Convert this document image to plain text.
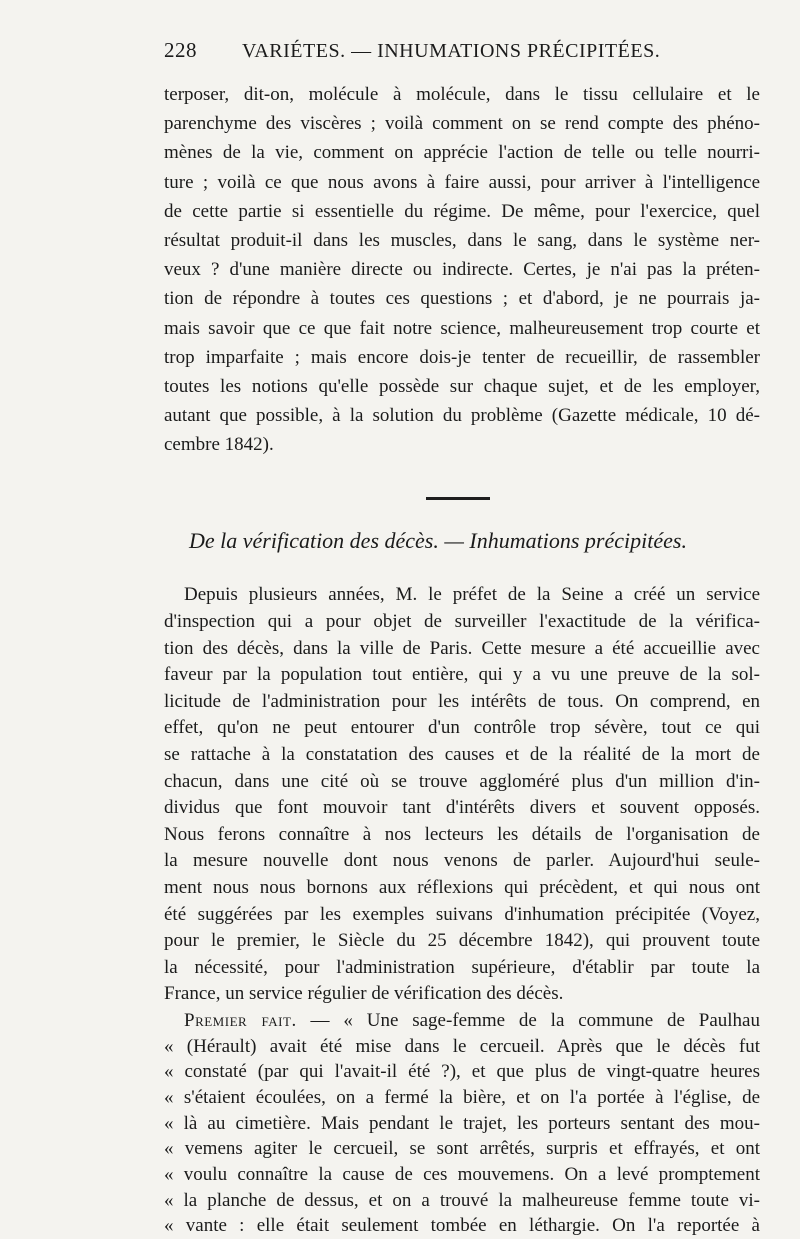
228	VARIÉTES. — INHUMATIONS PRÉCIPITÉES.
terposer, dit-on, molécule à molécule, dans le tissu cellulaire et le
parenchyme des viscères ; voilà comment on se rend compte des phéno-
mènes de la vie, comment on apprécie l'action de telle ou telle nourri-
ture ; voilà ce que nous avons à faire aussi, pour arriver à l'intelligence
de cette partie si essentielle du régime. De même, pour l'exercice, quel
résultat produit-il dans les muscles, dans le sang, dans le système ner-
veux ? d'une manière directe ou indirecte. Certes, je n'ai pas la préten-
tion de répondre à toutes ces questions ; et d'abord, je ne pourrais ja-
mais savoir que ce que fait notre science, malheureusement trop courte et
trop imparfaite ; mais encore dois-je tenter de recueillir, de rassembler
toutes les notions qu'elle possède sur chaque sujet, et de les employer,
autant que possible, à la solution du problème (Gazette médicale, 10 dé-
cembre 1842).
De la vérification des décès. — Inhumations précipitées.
Depuis plusieurs années, M. le préfet de la Seine a créé un service
d'inspection qui a pour objet de surveiller l'exactitude de la vérifica-
tion des décès, dans la ville de Paris. Cette mesure a été accueillie avec
faveur par la population tout entière, qui y a vu une preuve de la sol-
licitude de l'administration pour les intérêts de tous. On comprend, en
effet, qu'on ne peut entourer d'un contrôle trop sévère, tout ce qui
se rattache à la constatation des causes et de la réalité de la mort de
chacun, dans une cité où se trouve aggloméré plus d'un million d'in-
dividus que font mouvoir tant d'intérêts divers et souvent opposés.
Nous ferons connaître à nos lecteurs les détails de l'organisation de
la mesure nouvelle dont nous venons de parler. Aujourd'hui seule-
ment nous nous bornons aux réflexions qui précèdent, et qui nous ont
été suggérées par les exemples suivans d'inhumation précipitée (Voyez,
pour le premier, le Siècle du 25 décembre 1842), qui prouvent toute
la nécessité, pour l'administration supérieure, d'établir par toute la
France, un service régulier de vérification des décès.
Premier fait. — « Une sage-femme de la commune de Paulhau
« (Hérault) avait été mise dans le cercueil. Après que le décès fut
« constaté (par qui l'avait-il été ?), et que plus de vingt-quatre heures
« s'étaient écoulées, on a fermé la bière, et on l'a portée à l'église, de
« là au cimetière. Mais pendant le trajet, les porteurs sentant des mou-
« vemens agiter le cercueil, se sont arrêtés, surpris et effrayés, et ont
« voulu connaître la cause de ces mouvemens. On a levé promptement
« la planche de dessus, et on a trouvé la malheureuse femme toute vi-
« vante : elle était seulement tombée en léthargie. On l'a reportée à
